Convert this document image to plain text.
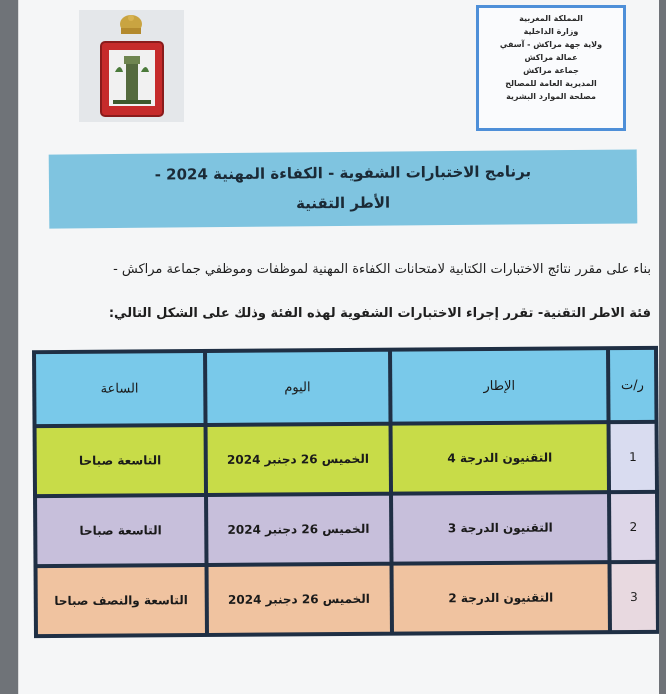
المملكة المغربية
وزارة الداخلية
ولاية جهة مراكش - آسفي
عمالة مراكش
جماعة مراكش
المديرية العامة للمصالح
مصلحة الموارد البشرية
برنامج الاختبارات الشفوية - الكفاءة المهنية 2024 -
الأطر التقنية
بناء على مقرر نتائج الاختبارات الكتابية لامتحانات الكفاءة المهنية لموظفات وموظفي جماعة مراكش -
فئة الاطر التقنية- تقرر إجراء الاختبارات الشفوية لهذه الفئة وذلك على الشكل التالي:
ر/ت	الإطار	اليوم	الساعة
1	التقنيون الدرجة 4	الخميس 26 دجنبر 2024	التاسعة صباحا
2	التقنيون الدرجة 3	الخميس 26 دجنبر 2024	التاسعة صباحا
3	التقنيون الدرجة 2	الخميس 26 دجنبر 2024	التاسعة والنصف صباحا
